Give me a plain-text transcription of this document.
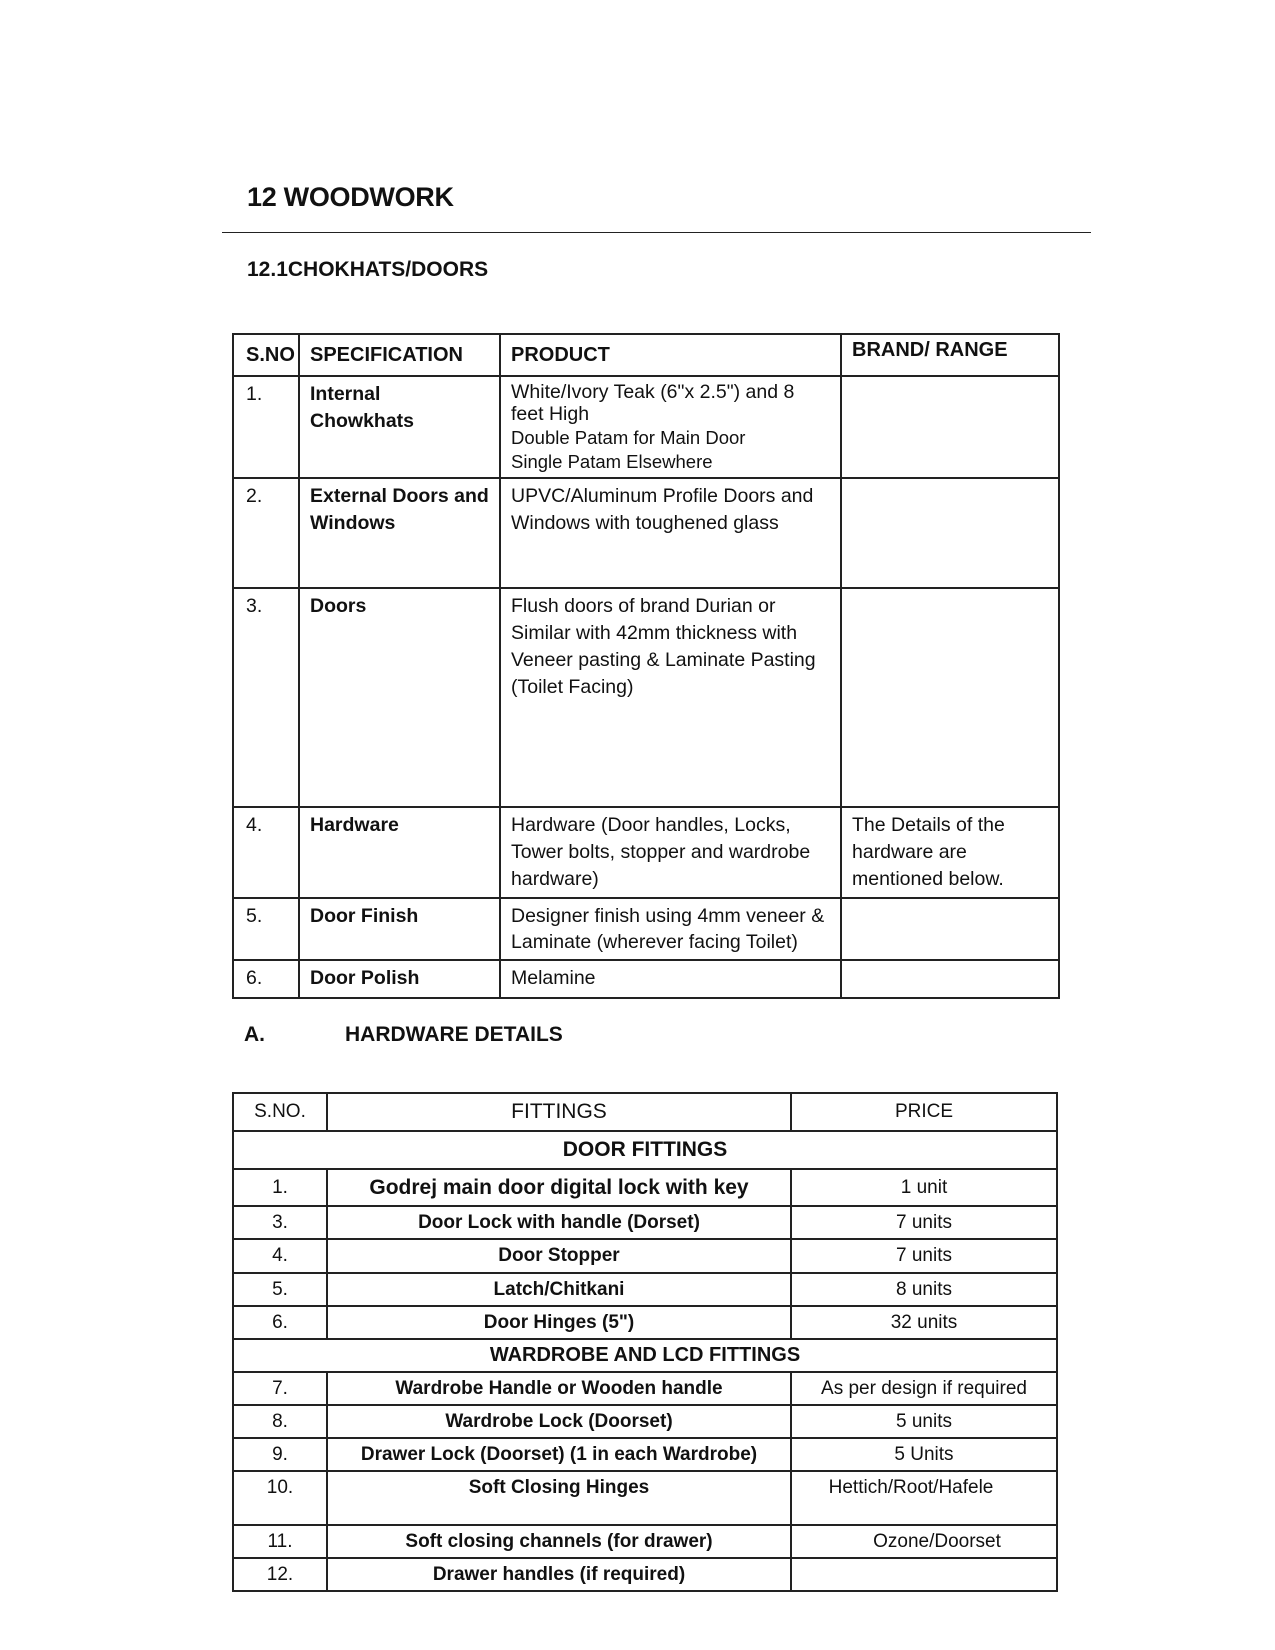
12 WOODWORK
12.1CHOKHATS/DOORS
S.NO	SPECIFICATION	PRODUCT	BRAND/ RANGE
1.	Internal Chowkhats	White/Ivory Teak (6"x 2.5") and 8 feet High
Double Patam for Main Door
Single Patam Elsewhere	

2.	External Doors and Windows	UPVC/Aluminum Profile Doors and Windows with toughened glass	
3.	Doors	Flush doors of brand Durian or Similar with 42mm thickness with Veneer pasting & Laminate Pasting (Toilet Facing)	
4.	Hardware	Hardware (Door handles, Locks, Tower bolts, stopper and wardrobe hardware)	The Details of the hardware are mentioned below.
5.	Door Finish	Designer finish using 4mm veneer & Laminate (wherever facing Toilet)	
6.	Door Polish	Melamine	
A.	HARDWARE DETAILS
S.NO.	FITTINGS	PRICE
DOOR FITTINGS		
1.	Godrej main door digital lock with key	1 unit
3.	Door Lock with handle (Dorset)	7 units
4.	Door Stopper	7 units
5.	Latch/Chitkani	8 units
6.	Door Hinges (5")	32 units
WARDROBE AND LCD FITTINGS		
7.	Wardrobe Handle or Wooden handle	As per design if required
8.	Wardrobe Lock (Doorset)	5 units
9.	Drawer Lock (Doorset) (1 in each Wardrobe)	5 Units
10.	Soft Closing Hinges	Hettich/Root/Hafele
11.	Soft closing channels (for drawer)	Ozone/Doorset
12.	Drawer handles (if required)	
